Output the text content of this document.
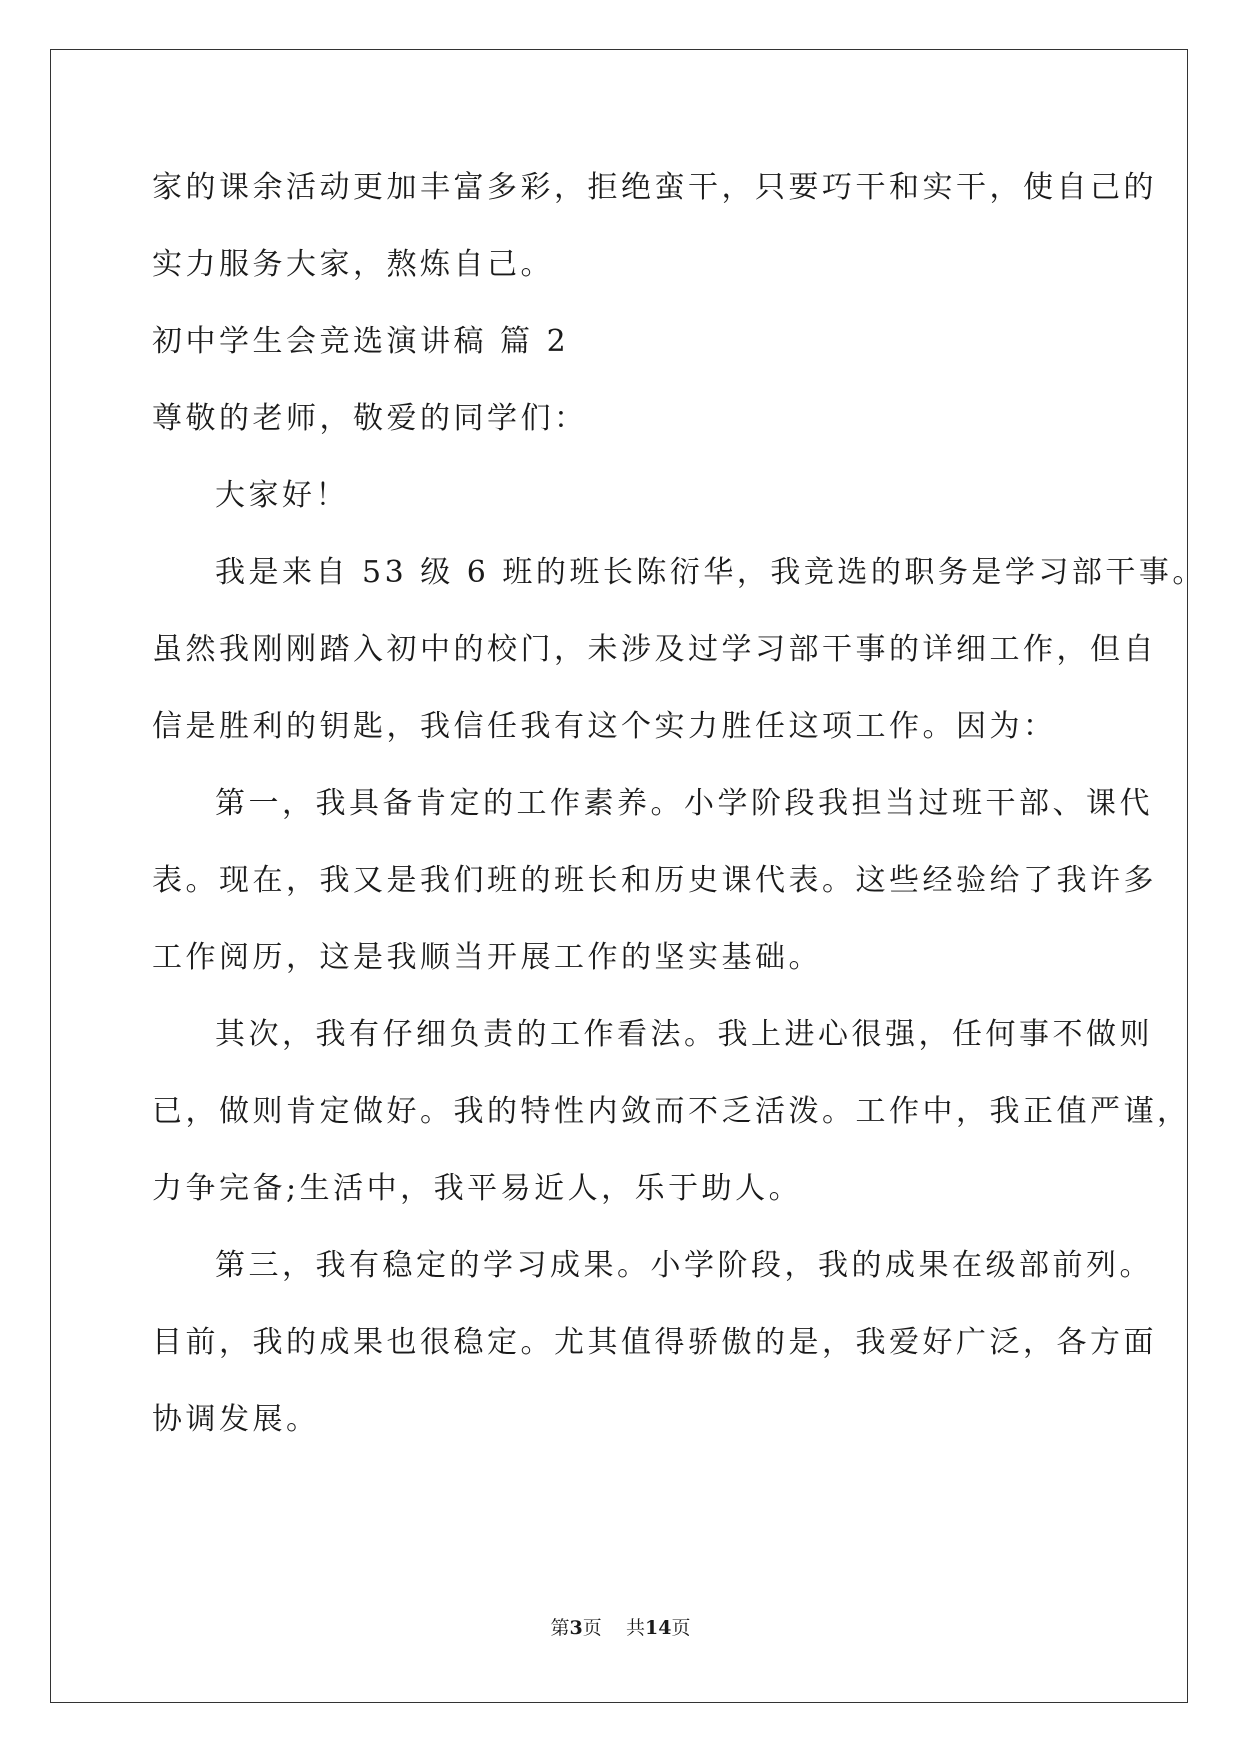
家的课余活动更加丰富多彩，拒绝蛮干，只要巧干和实干，使自己的
实力服务大家，熬炼自己。
初中学生会竞选演讲稿 篇 2
尊敬的老师，敬爱的同学们：
大家好！
我是来自 53 级 6 班的班长陈衍华，我竞选的职务是学习部干事。
虽然我刚刚踏入初中的校门，未涉及过学习部干事的详细工作，但自
信是胜利的钥匙，我信任我有这个实力胜任这项工作。因为：
第一，我具备肯定的工作素养。小学阶段我担当过班干部、课代
表。现在，我又是我们班的班长和历史课代表。这些经验给了我许多
工作阅历，这是我顺当开展工作的坚实基础。
其次，我有仔细负责的工作看法。我上进心很强，任何事不做则
已，做则肯定做好。我的特性内敛而不乏活泼。工作中，我正值严谨，
力争完备;生活中，我平易近人，乐于助人。
第三，我有稳定的学习成果。小学阶段，我的成果在级部前列。
目前，我的成果也很稳定。尤其值得骄傲的是，我爱好广泛，各方面
协调发展。
第3页 共14页
